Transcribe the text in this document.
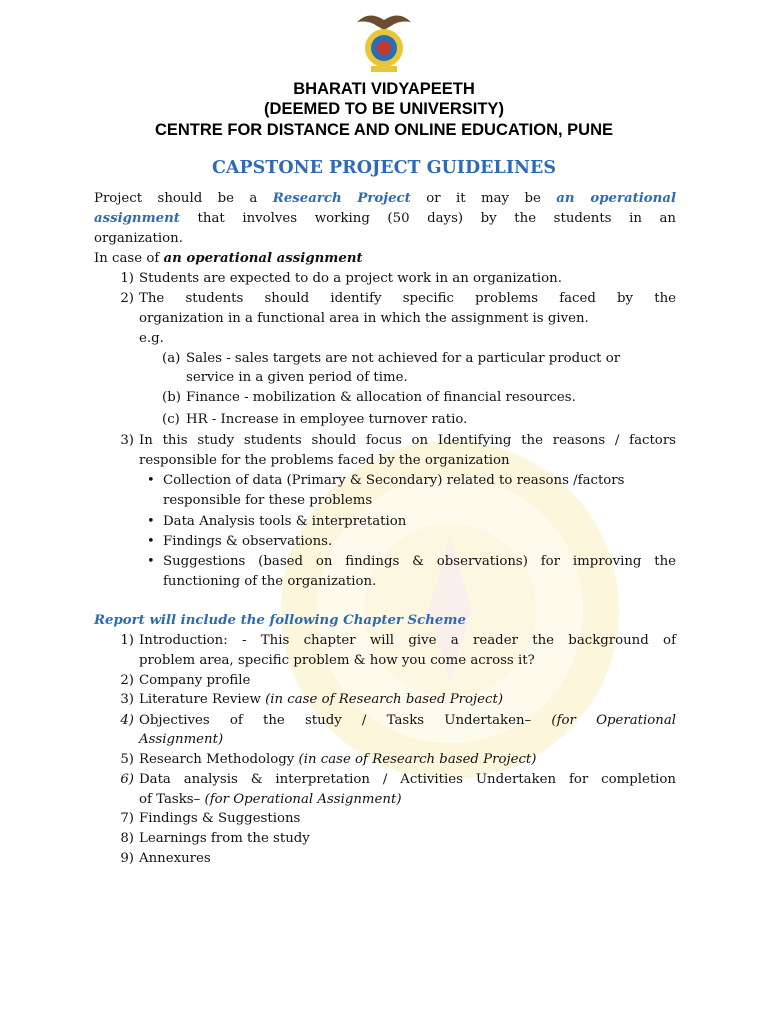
BHARATI VIDYAPEETH
(DEEMED TO BE UNIVERSITY)
CENTRE FOR DISTANCE AND ONLINE EDUCATION, PUNE
CAPSTONE PROJECT GUIDELINES
Project should be a Research Project or it may be an operational
assignment that involves working (50 days) by the students in an
organization.
In case of an operational assignment
1) Students are expected to do a project work in an organization.
2) The students should identify specific problems faced by the
organization in a functional area in which the assignment is given.
e.g.
(a) Sales - sales targets are not achieved for a particular product or
service in a given period of time.
(b) Finance - mobilization & allocation of financial resources.
(c) HR - Increase in employee turnover ratio.
3) In this study students should focus on Identifying the reasons / factors
responsible for the problems faced by the organization
• Collection of data (Primary & Secondary) related to reasons /factors
responsible for these problems
• Data Analysis tools & interpretation
• Findings & observations.
• Suggestions (based on findings & observations) for improving the
functioning of the organization.
Report will include the following Chapter Scheme
1) Introduction: - This chapter will give a reader the background of
problem area, specific problem & how you come across it?
2) Company profile
3) Literature Review (in case of Research based Project)
4) Objectives of the study / Tasks Undertaken– (for Operational
Assignment)
5) Research Methodology (in case of Research based Project)
6) Data analysis & interpretation / Activities Undertaken for completion
of Tasks– (for Operational Assignment)
7) Findings & Suggestions
8) Learnings from the study
9) Annexures
